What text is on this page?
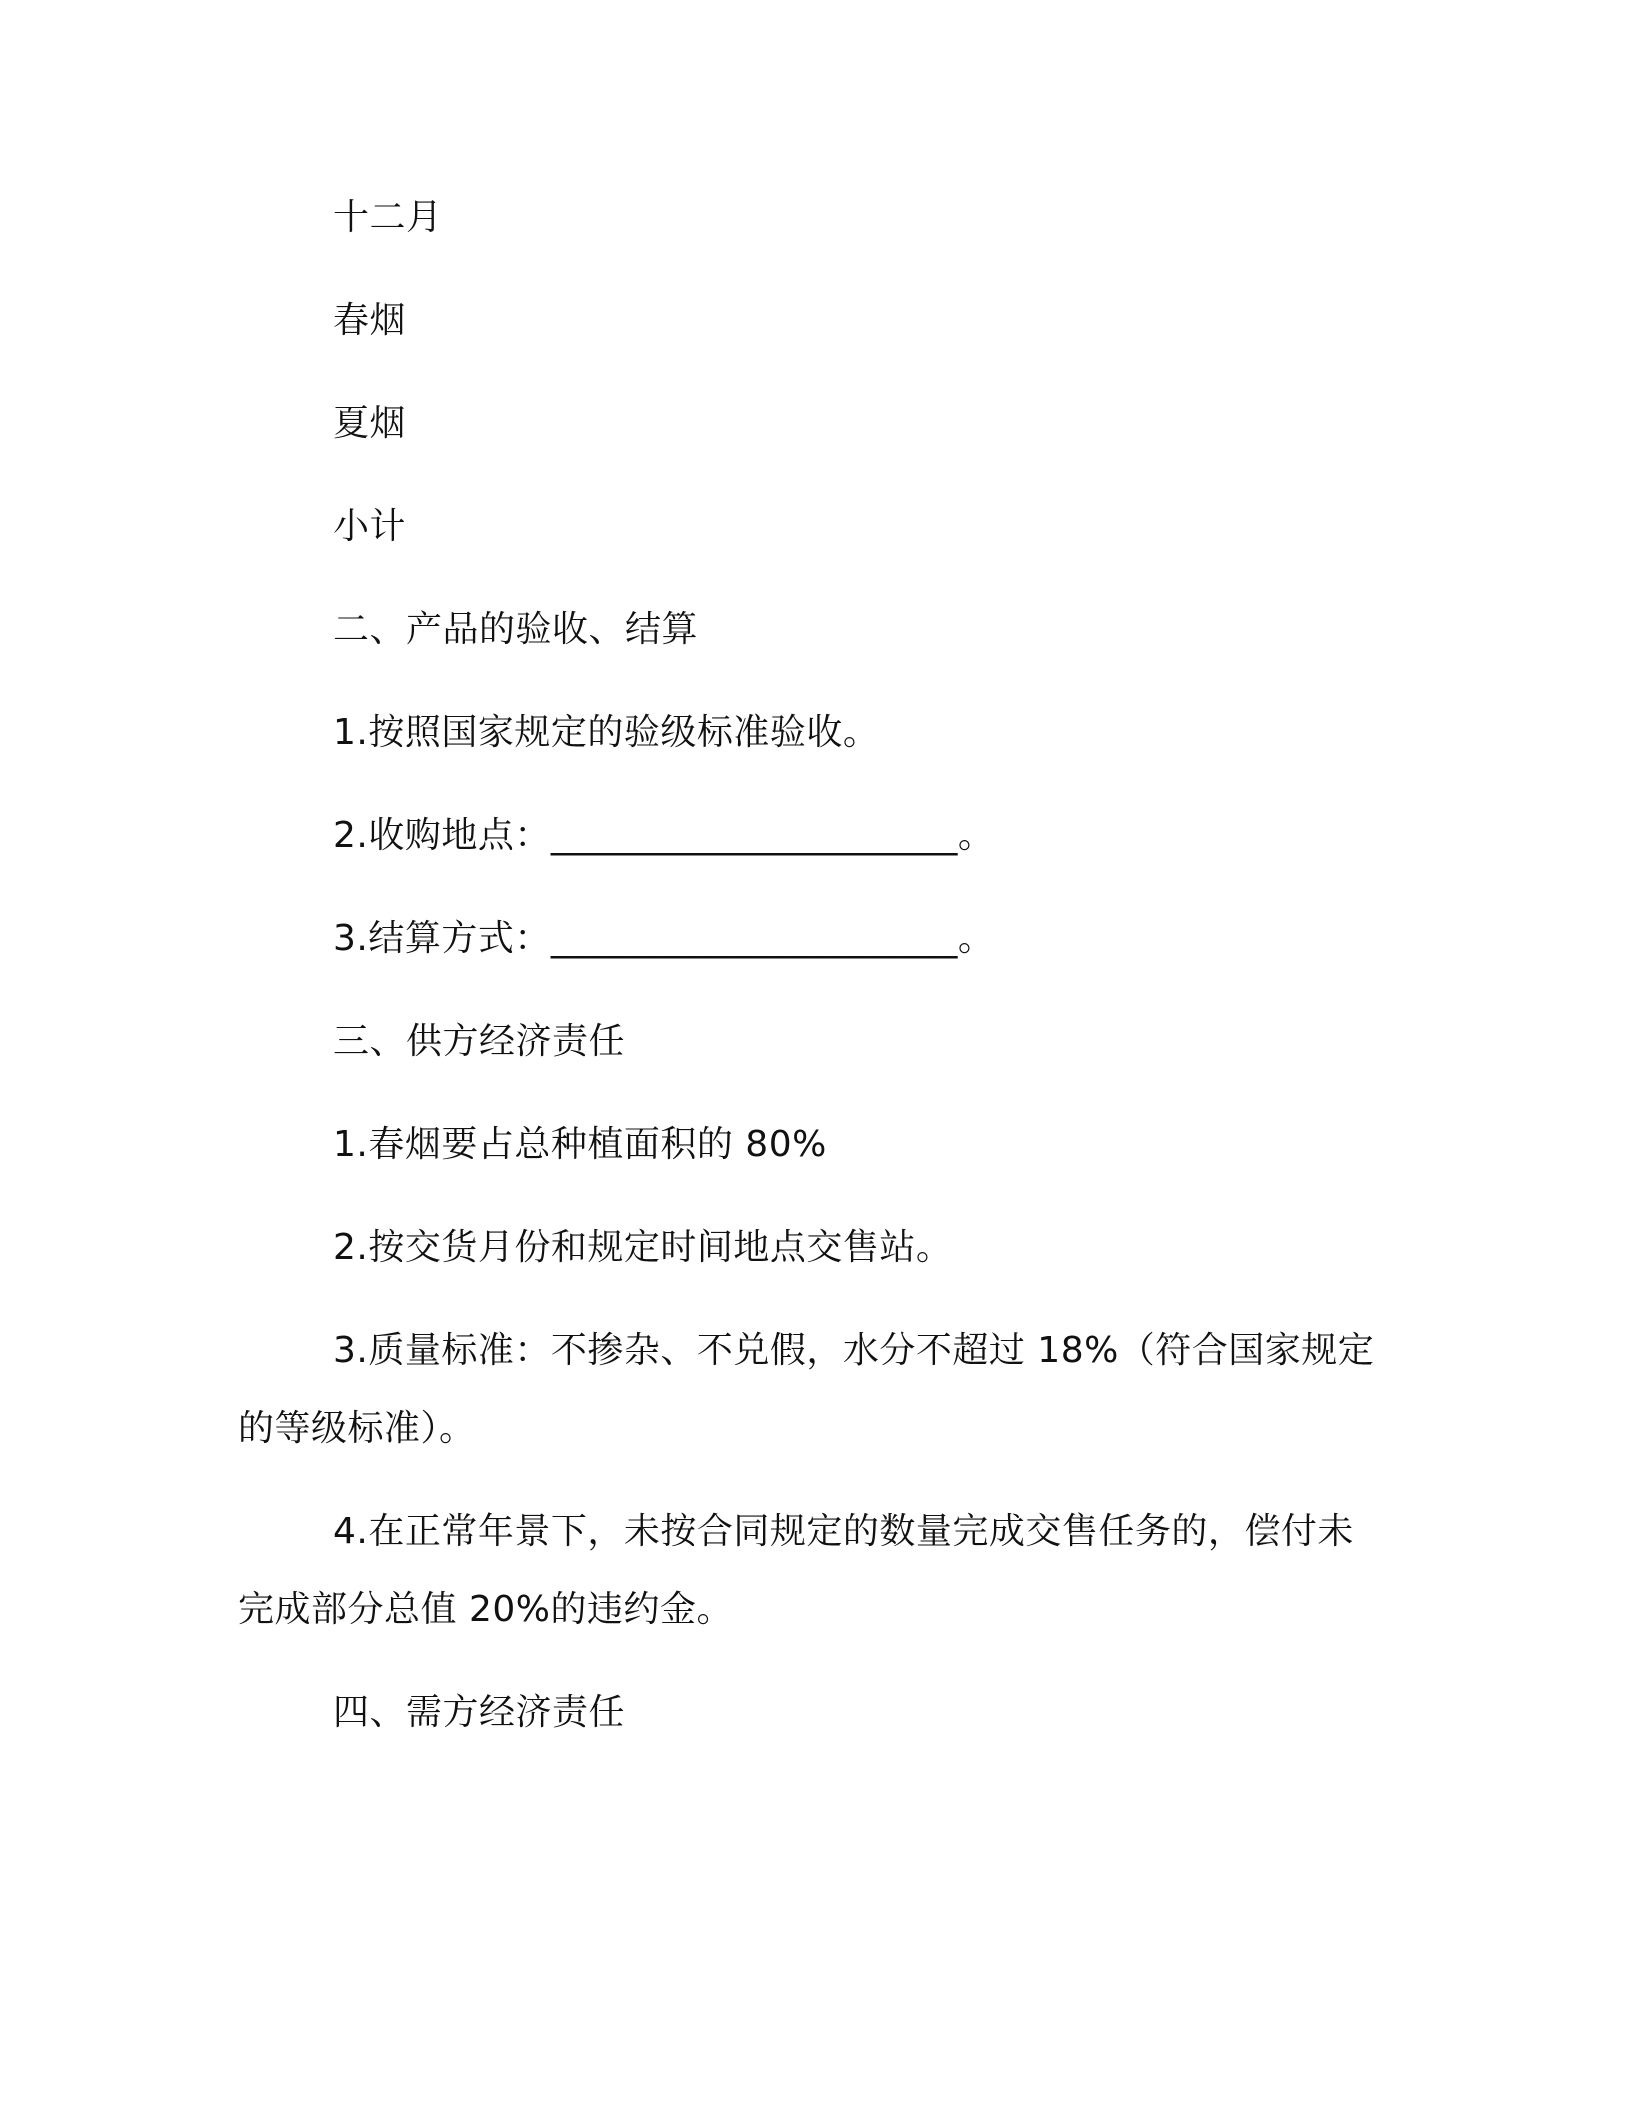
十二月
春烟
夏烟
小计
二、产品的验收、结算
1.按照国家规定的验级标准验收。
2.收购地点：______________________。
3.结算方式：______________________。
三、供方经济责任
1.春烟要占总种植面积的 80%
2.按交货月份和规定时间地点交售站。
3.质量标准：不掺杂、不兑假，水分不超过 18%（符合国家规定
的等级标准）。
4.在正常年景下，未按合同规定的数量完成交售任务的，偿付未
完成部分总值 20%的违约金。
四、需方经济责任
